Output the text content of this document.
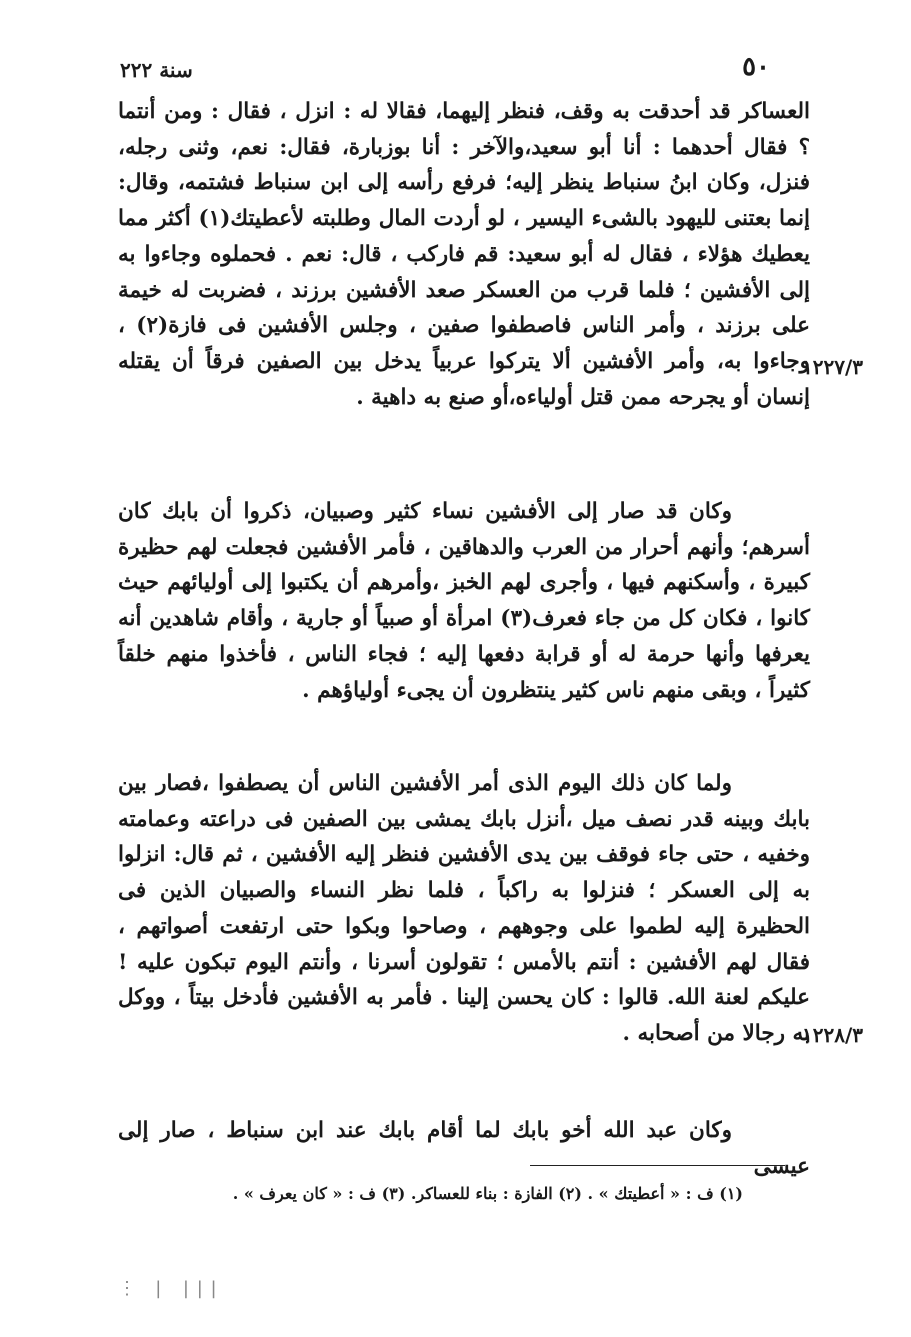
٥٠
سنة ٢٢٢

العساكر قد أحدقت به وقف، فنظر إليهما، فقالا له : انزل ، فقال : ومن أنتما ؟ فقال أحدهما : أنا أبو سعيد،والآخر : أنا بوزبارة، فقال: نعم، وثنى رجله، فنزل، وكان ابنُ سنباط ينظر إليه؛ فرفع رأسه إلى ابن سنباط فشتمه، وقال: إنما بعتنى لليهود بالشىء اليسير ، لو أردت المال وطلبته لأعطيتك(١) أكثر مما يعطيك هؤلاء ، فقال له أبو سعيد: قم فاركب ، قال: نعم . فحملوه وجاءوا به إلى الأفشين ؛ فلما قرب من العسكر صعد الأفشين برزند ، فضربت له خيمة على برزند ، وأمر الناس فاصطفوا صفين ، وجلس الأفشين فى فازة(٢) ، وجاءوا به، وأمر الأفشين ألا يتركوا عربياً يدخل بين الصفين فرقاً أن يقتله إنسان أو يجرحه ممن قتل أولياءه،أو صنع به داهية .

١٢٢٧/٣

وكان قد صار إلى الأفشين نساء كثير وصبيان، ذكروا أن بابك كان أسرهم؛ وأنهم أحرار من العرب والدهاقين ، فأمر الأفشين فجعلت لهم حظيرة كبيرة ، وأسكنهم فيها ، وأجرى لهم الخبز ،وأمرهم أن يكتبوا إلى أوليائهم حيث كانوا ، فكان كل من جاء فعرف(٣) امرأة أو صبياً أو جارية ، وأقام شاهدين أنه يعرفها وأنها حرمة له أو قرابة دفعها إليه ؛ فجاء الناس ، فأخذوا منهم خلقاً كثيراً ، وبقى منهم ناس كثير ينتظرون أن يجىء أولياؤهم .

ولما كان ذلك اليوم الذى أمر الأفشين الناس أن يصطفوا ،فصار بين بابك وبينه قدر نصف ميل ،أنزل بابك يمشى بين الصفين فى دراعته وعمامته وخفيه ، حتى جاء فوقف بين يدى الأفشين فنظر إليه الأفشين ، ثم قال: انزلوا به إلى العسكر ؛ فنزلوا به راكباً ، فلما نظر النساء والصبيان الذين فى الحظيرة إليه لطموا على وجوههم ، وصاحوا وبكوا حتى ارتفعت أصواتهم ، فقال لهم الأفشين : أنتم بالأمس ؛ تقولون أسرنا ، وأنتم اليوم تبكون عليه ! عليكم لعنة الله. قالوا : كان يحسن إلينا . فأمر به الأفشين فأدخل بيتاً ، ووكل به رجالا من أصحابه .

١٢٢٨/٣

وكان عبد الله أخو بابك لما أقام بابك عند ابن سنباط ، صار إلى عيسى

(١) ف : « أعطيتك » . (٢) الفازة : بناء للعساكر. (٣) ف : « كان يعرف » .
⋮ | |||
